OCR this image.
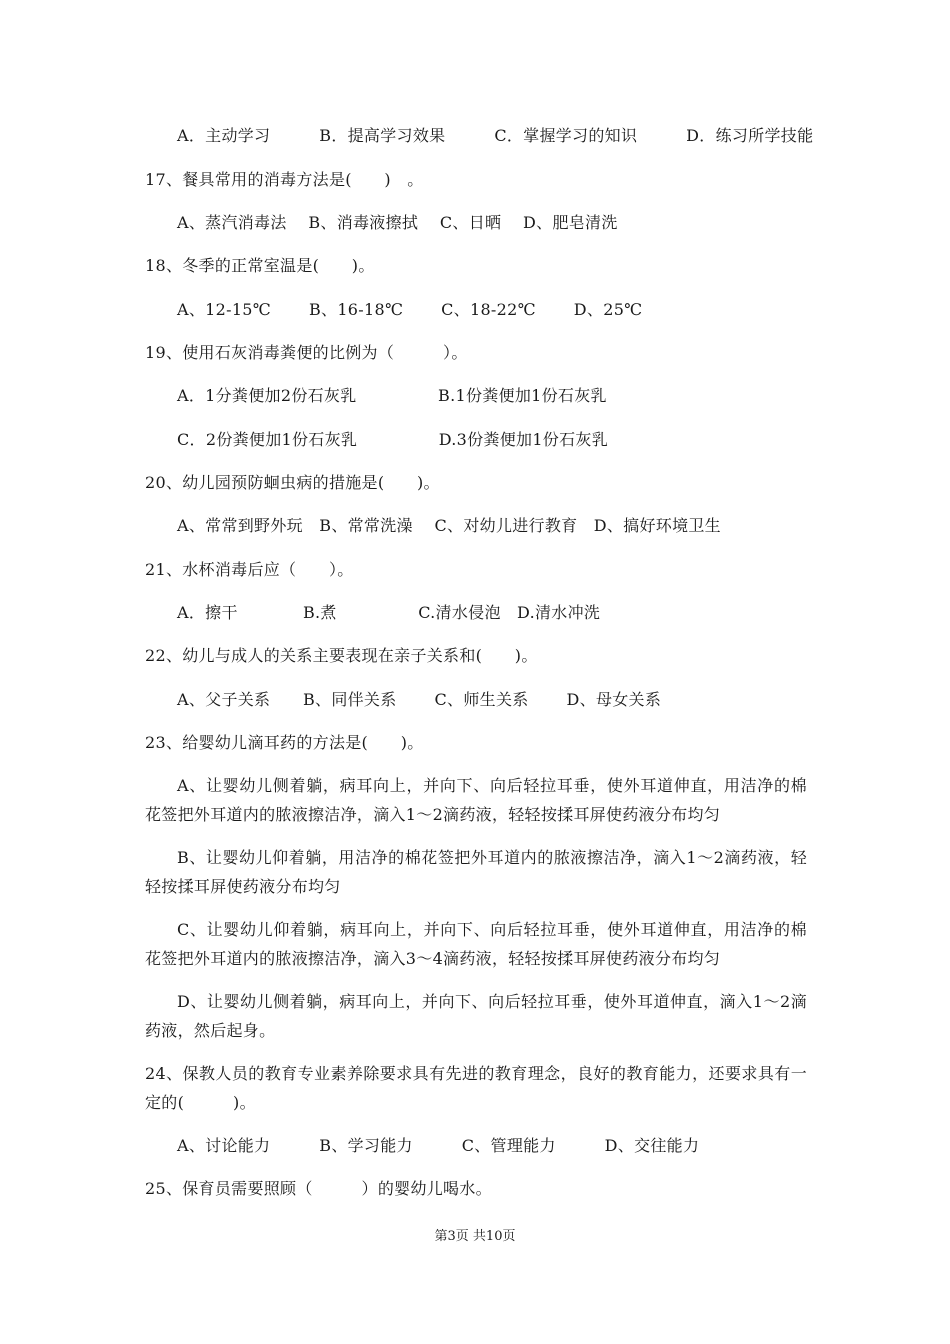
A．主动学习　　　B．提高学习效果　　　C．掌握学习的知识　　　D．练习所学技能
17、餐具常用的消毒方法是(　　)　。
A、蒸汽消毒法　 B、消毒液擦拭　 C、日晒　 D、肥皂清洗
18、冬季的正常室温是(　　)。
A、12-15℃　　 B、16-18℃　　 C、18-22℃　　 D、25℃
19、使用石灰消毒粪便的比例为（　　　）。
A．1分粪便加2份石灰乳　　　　　B.1份粪便加1份石灰乳
C．2份粪便加1份石灰乳　　　　　D.3份粪便加1份石灰乳
20、幼儿园预防蛔虫病的措施是(　　)。
A、常常到野外玩　B、常常洗澡　 C、对幼儿进行教育　D、搞好环境卫生
21、水杯消毒后应（　　）。
A．擦干　　　　B.煮　　　　　C.清水侵泡　D.清水冲洗
22、幼儿与成人的关系主要表现在亲子关系和(　　)。
A、父子关系　　B、同伴关系　　 C、师生关系　　 D、母女关系
23、给婴幼儿滴耳药的方法是(　　)。
A、让婴幼儿侧着躺，病耳向上，并向下、向后轻拉耳垂，使外耳道伸直，用洁净的棉花签把外耳道内的脓液擦洁净，滴入1～2滴药液，轻轻按揉耳屏使药液分布均匀
B、让婴幼儿仰着躺，用洁净的棉花签把外耳道内的脓液擦洁净，滴入1～2滴药液，轻轻按揉耳屏使药液分布均匀
C、让婴幼儿仰着躺，病耳向上，并向下、向后轻拉耳垂，使外耳道伸直，用洁净的棉花签把外耳道内的脓液擦洁净，滴入3～4滴药液，轻轻按揉耳屏使药液分布均匀
D、让婴幼儿侧着躺，病耳向上，并向下、向后轻拉耳垂，使外耳道伸直，滴入1～2滴药液，然后起身。
24、保教人员的教育专业素养除要求具有先进的教育理念，良好的教育能力，还要求具有一定的(　　　)。
A、讨论能力　　　B、学习能力　　　C、管理能力　　　D、交往能力
25、保育员需要照顾（　　　）的婴幼儿喝水。
第3页 共10页
